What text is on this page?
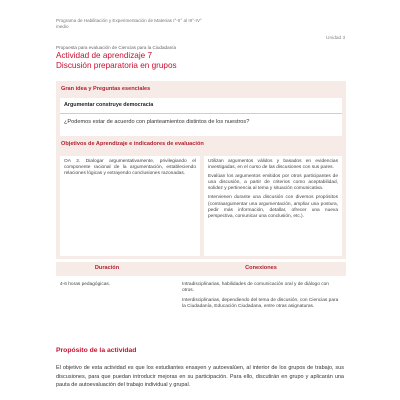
Programa de Habilitación y Experimentación de Materias I°-II° al III°-IV°
medio
Unidad 3
Propuesta para evaluación de Ciencias para la Ciudadanía
Actividad de aprendizaje 7
Discusión preparatoria en grupos
Gran idea y Preguntas esenciales
Argumentar construye democracia
¿Podemos estar de acuerdo con planteamientos distintos de los nuestros?
Objetivos de Aprendizaje e indicadores de evaluación
OA 2. Dialogar argumentativamente, privilegiando el componente racional de la argumentación, estableciendo relaciones lógicas y extrayendo conclusiones razonadas.
Utilizan argumentos válidos y basados en evidencias investigadas, en el curso de las discusiones con sus pares.
Evalúan los argumentos emitidos por otros participantes de una discusión, a partir de criterios como aceptabilidad, solidez y pertinencia al tema y situación comunicativa.
Intervienen durante una discusión con diversos propósitos (contraargumentar una argumentación, ampliar una postura, pedir más información, detallar, ofrecer una nueva perspectiva, comunicar una conclusión, etc.).
Duración	Conexiones
4-6 horas pedagógicas.	Intradisciplinarias, habilidades de comunicación oral y de diálogo con otros.
Interdisciplinarias, dependiendo del tema de discusión, con Ciencias para la Ciudadanía, Educación Ciudadana, entre otras asignaturas.
Propósito de la actividad
El objetivo de esta actividad es que los estudiantes ensayen y autoevalúen, al interior de los grupos de trabajo, sus discusiones, para que puedan introducir mejoras en su participación. Para ello, discutirán en grupo y aplicarán una pauta de autoevaluación del trabajo individual y grupal.
